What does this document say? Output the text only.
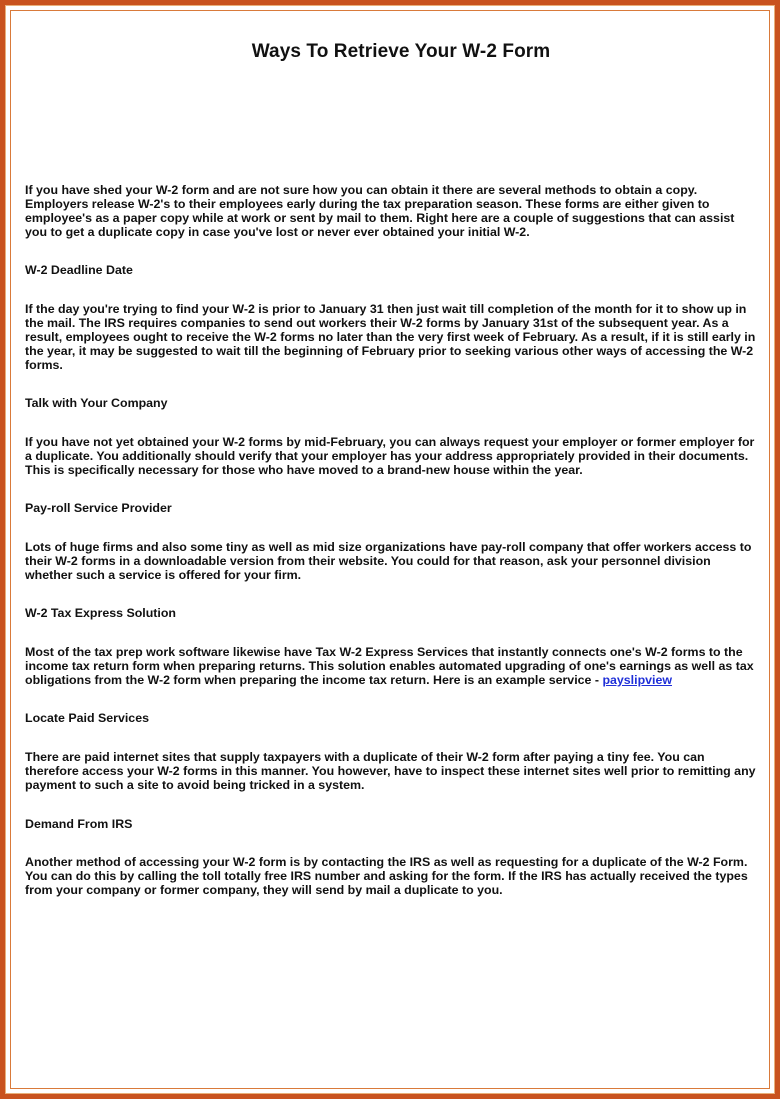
Ways To Retrieve Your W-2 Form

If you have shed your W-2 form and are not sure how you can obtain it there are several methods to obtain a copy. Employers release W-2's to their employees early during the tax preparation season. These forms are either given to employee's as a paper copy while at work or sent by mail to them. Right here are a couple of suggestions that can assist you to get a duplicate copy in case you've lost or never ever obtained your initial W-2.

W-2 Deadline Date

If the day you're trying to find your W-2 is prior to January 31 then just wait till completion of the month for it to show up in the mail. The IRS requires companies to send out workers their W-2 forms by January 31st of the subsequent year. As a result, employees ought to receive the W-2 forms no later than the very first week of February. As a result, if it is still early in the year, it may be suggested to wait till the beginning of February prior to seeking various other ways of accessing the W-2 forms.

Talk with Your Company

If you have not yet obtained your W-2 forms by mid-February, you can always request your employer or former employer for a duplicate. You additionally should verify that your employer has your address appropriately provided in their documents. This is specifically necessary for those who have moved to a brand-new house within the year.

Pay-roll Service Provider

Lots of huge firms and also some tiny as well as mid size organizations have pay-roll company that offer workers access to their W-2 forms in a downloadable version from their website. You could for that reason, ask your personnel division whether such a service is offered for your firm.

W-2 Tax Express Solution

Most of the tax prep work software likewise have Tax W-2 Express Services that instantly connects one's W-2 forms to the income tax return form when preparing returns. This solution enables automated upgrading of one's earnings as well as tax obligations from the W-2 form when preparing the income tax return. Here is an example service - payslipview

Locate Paid Services

There are paid internet sites that supply taxpayers with a duplicate of their W-2 form after paying a tiny fee. You can therefore access your W-2 forms in this manner. You however, have to inspect these internet sites well prior to remitting any payment to such a site to avoid being tricked in a system.

Demand From IRS

Another method of accessing your W-2 form is by contacting the IRS as well as requesting for a duplicate of the W-2 Form. You can do this by calling the toll totally free IRS number and asking for the form. If the IRS has actually received the types from your company or former company, they will send by mail a duplicate to you.
